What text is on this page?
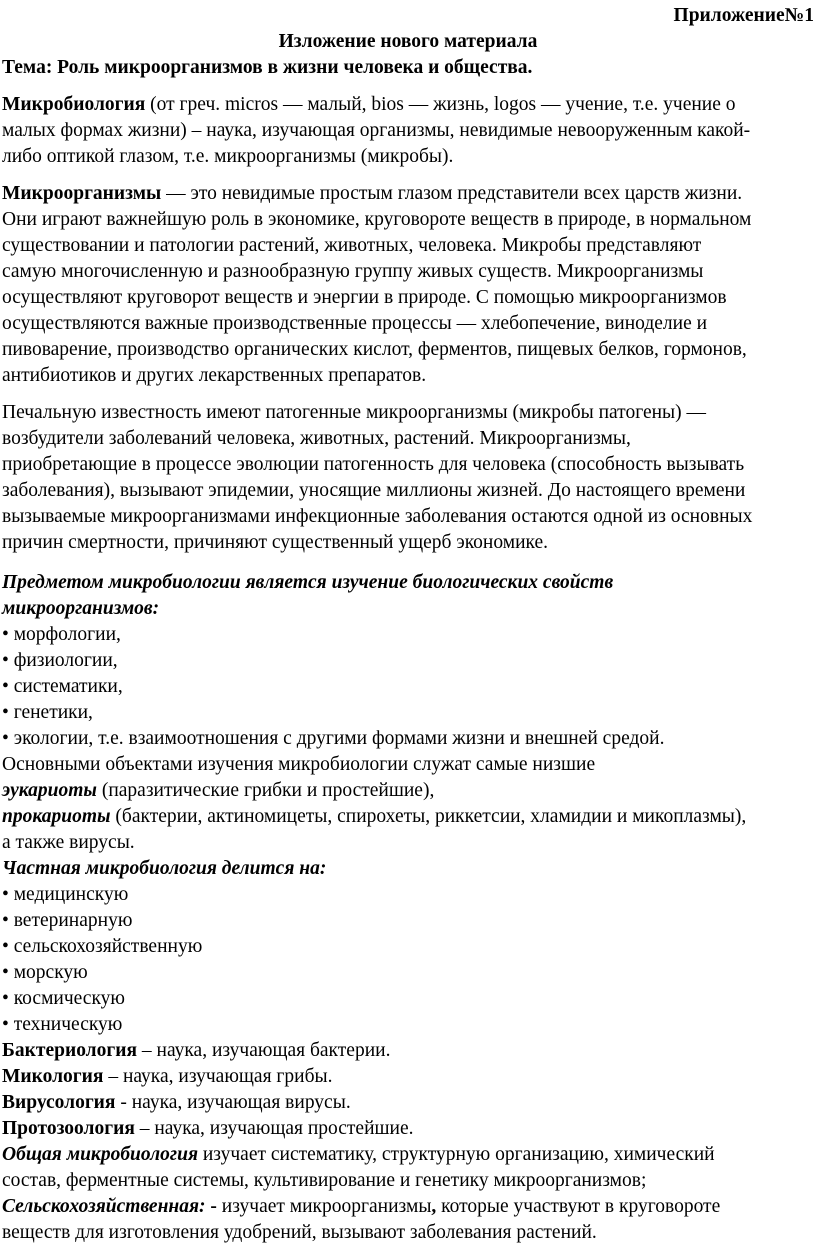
Приложение№1
Изложение нового материала
Тема: Роль микроорганизмов в жизни человека и общества.
Микробиология (от греч. micros — малый, bios — жизнь, logos — учение, т.е. учение о
малых формах жизни) – наука, изучающая организмы, невидимые невооруженным какой-
либо оптикой глазом, т.е. микроорганизмы (микробы).
Микроорганизмы — это невидимые простым глазом представители всех царств жизни.
Они играют важнейшую роль в экономике, круговороте веществ в природе, в нормальном
существовании и патологии растений, животных, человека. Микробы представляют
самую многочисленную и разнообразную группу живых существ. Микроорганизмы
осуществляют круговорот веществ и энергии в природе. С помощью микроорганизмов
осуществляются важные производственные процессы — хлебопечение, виноделие и
пивоварение, производство органических кислот, ферментов, пищевых белков, гормонов,
антибиотиков и других лекарственных препаратов.
Печальную известность имеют патогенные микроорганизмы (микробы патогены) —
возбудители заболеваний человека, животных, растений. Микроорганизмы,
приобретающие в процессе эволюции патогенность для человека (способность вызывать
заболевания), вызывают эпидемии, уносящие миллионы жизней. До настоящего времени
вызываемые микроорганизмами инфекционные заболевания остаются одной из основных
причин смертности, причиняют существенный ущерб экономике.
Предметом микробиологии является изучение биологических свойств
микроорганизмов:
• морфологии,
• физиологии,
• систематики,
• генетики,
• экологии, т.е. взаимоотношения с другими формами жизни и внешней средой.
Основными объектами изучения микробиологии служат самые низшие
эукариоты (паразитические грибки и простейшие),
прокариоты (бактерии, актиномицеты, спирохеты, риккетсии, хламидии и микоплазмы),
а также вирусы.
Частная микробиология делится на:
• медицинскую
• ветеринарную
• сельскохозяйственную
• морскую
• космическую
• техническую
Бактериология – наука, изучающая бактерии.
Микология – наука, изучающая грибы.
Вирусология - наука, изучающая вирусы.
Протозоология – наука, изучающая простейшие.
Общая микробиология изучает систематику, структурную организацию, химический
состав, ферментные системы, культивирование и генетику микроорганизмов;
Сельскохозяйственная: - изучает микроорганизмы, которые участвуют в круговороте
веществ для изготовления удобрений, вызывают заболевания растений.
